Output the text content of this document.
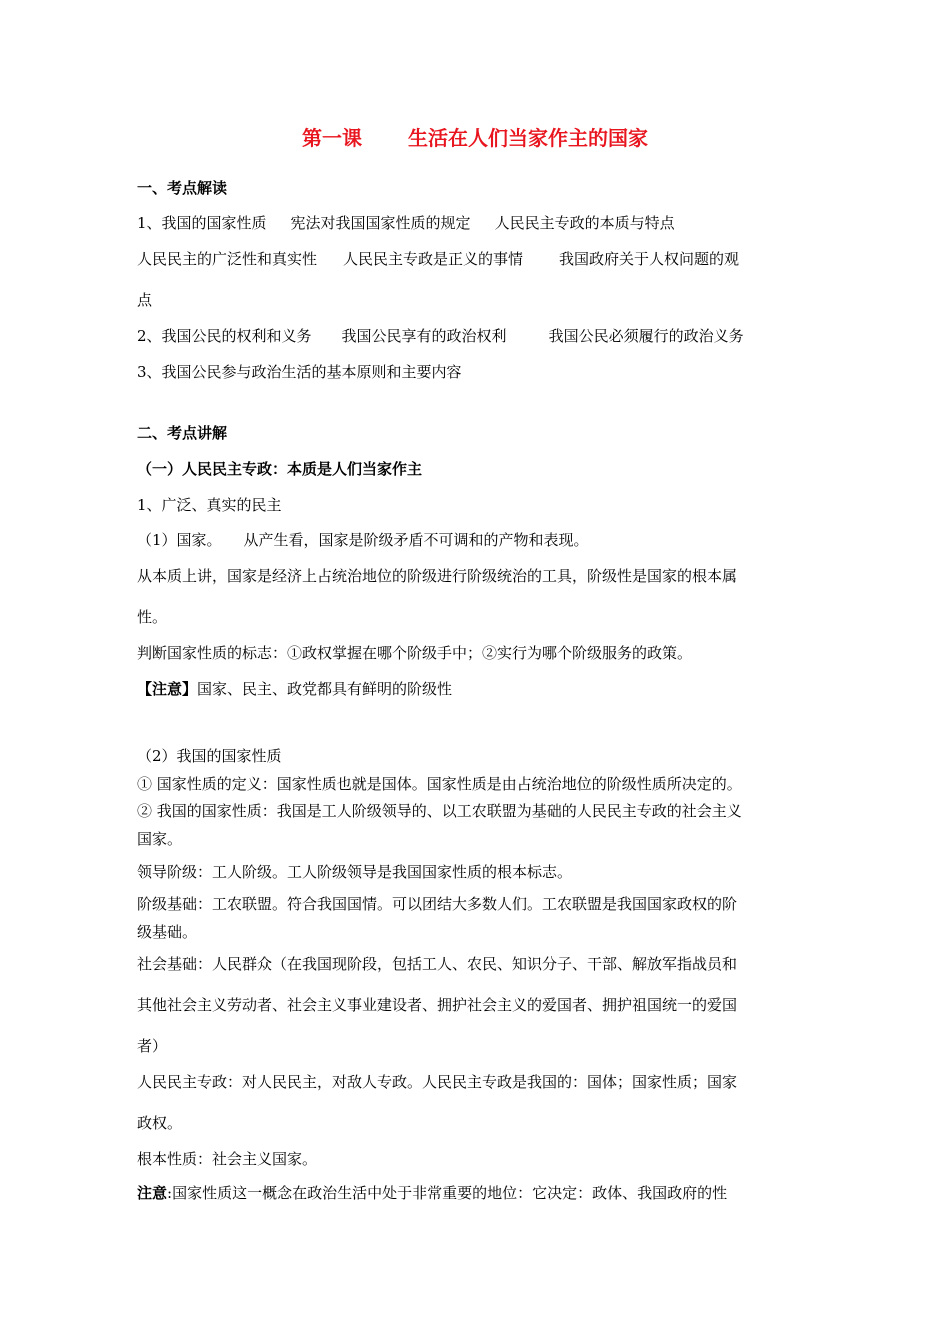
第一课 生活在人们当家作主的国家
一、考点解读
1、我国的国家性质 宪法对我国国家性质的规定 人民民主专政的本质与特点
人民民主的广泛性和真实性 人民民主专政是正义的事情 我国政府关于人权问题的观
点
2、我国公民的权利和义务 我国公民享有的政治权利	我国公民必须履行的政治义务
3、我国公民参与政治生活的基本原则和主要内容
二、考点讲解
（一）人民民主专政：本质是人们当家作主
1、广泛、真实的民主
（1）国家。 从产生看，国家是阶级矛盾不可调和的产物和表现。
从本质上讲，国家是经济上占统治地位的阶级进行阶级统治的工具，阶级性是国家的根本属
性。
判断国家性质的标志：①政权掌握在哪个阶级手中；②实行为哪个阶级服务的政策。
【注意】国家、民主、政党都具有鲜明的阶级性
（2）我国的国家性质
① 国家性质的定义：国家性质也就是国体。国家性质是由占统治地位的阶级性质所决定的。
② 我国的国家性质：我国是工人阶级领导的、以工农联盟为基础的人民民主专政的社会主义
国家。
领导阶级：工人阶级。工人阶级领导是我国国家性质的根本标志。
阶级基础：工农联盟。符合我国国情。可以团结大多数人们。工农联盟是我国国家政权的阶
级基础。
社会基础：人民群众（在我国现阶段，包括工人、农民、知识分子、干部、解放军指战员和
其他社会主义劳动者、社会主义事业建设者、拥护社会主义的爱国者、拥护祖国统一的爱国
者）
人民民主专政：对人民民主，对敌人专政。人民民主专政是我国的：国体；国家性质；国家
政权。
根本性质：社会主义国家。
注意:国家性质这一概念在政治生活中处于非常重要的地位：它决定：政体、我国政府的性
